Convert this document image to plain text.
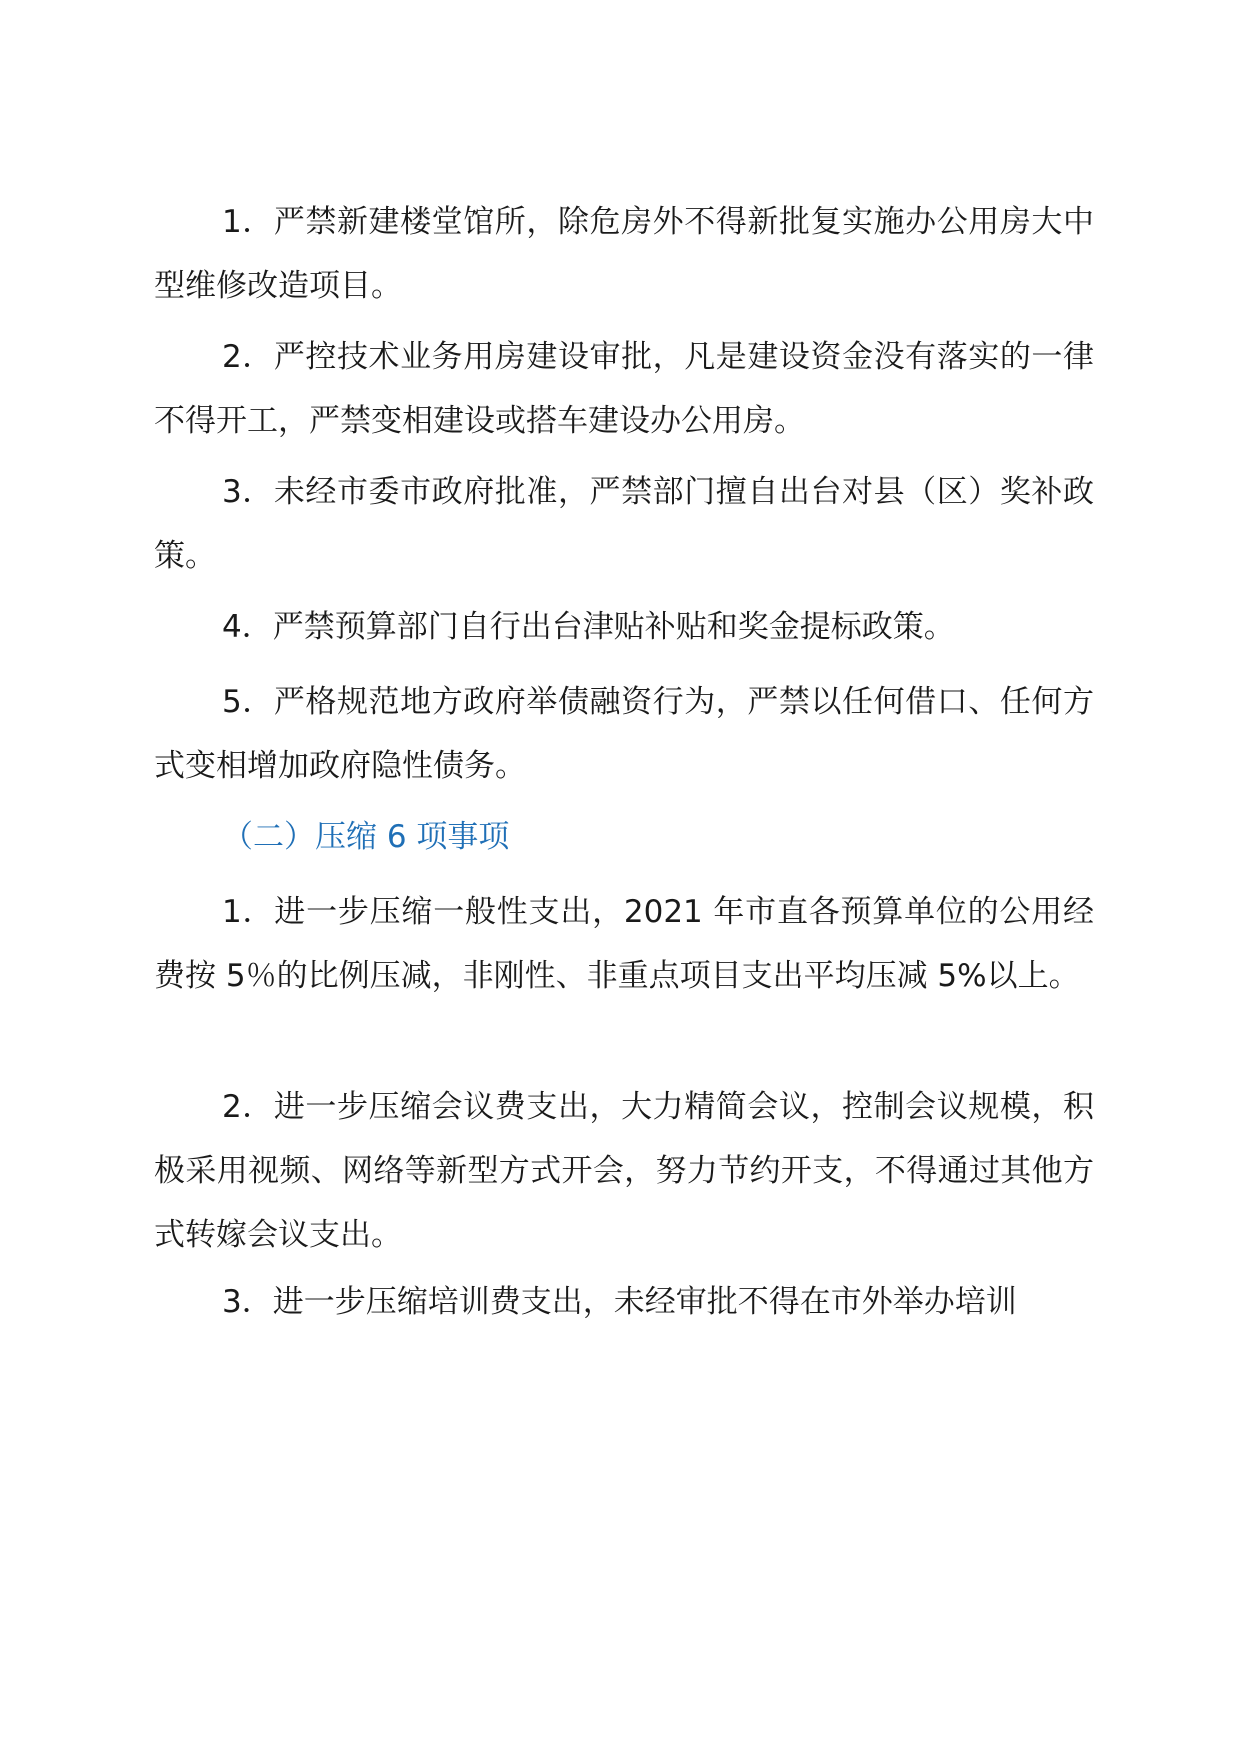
1．严禁新建楼堂馆所，除危房外不得新批复实施办公用房大中型维修改造项目。

2．严控技术业务用房建设审批，凡是建设资金没有落实的一律不得开工，严禁变相建设或搭车建设办公用房。

3．未经市委市政府批准，严禁部门擅自出台对县（区）奖补政策。

4．严禁预算部门自行出台津贴补贴和奖金提标政策。

5．严格规范地方政府举债融资行为，严禁以任何借口、任何方式变相增加政府隐性债务。

（二）压缩 6 项事项

1．进一步压缩一般性支出，2021 年市直各预算单位的公用经费按 5％的比例压减，非刚性、非重点项目支出平均压减 5%以上。

2．进一步压缩会议费支出，大力精简会议，控制会议规模，积极采用视频、网络等新型方式开会，努力节约开支，不得通过其他方式转嫁会议支出。

3．进一步压缩培训费支出，未经审批不得在市外举办培训
